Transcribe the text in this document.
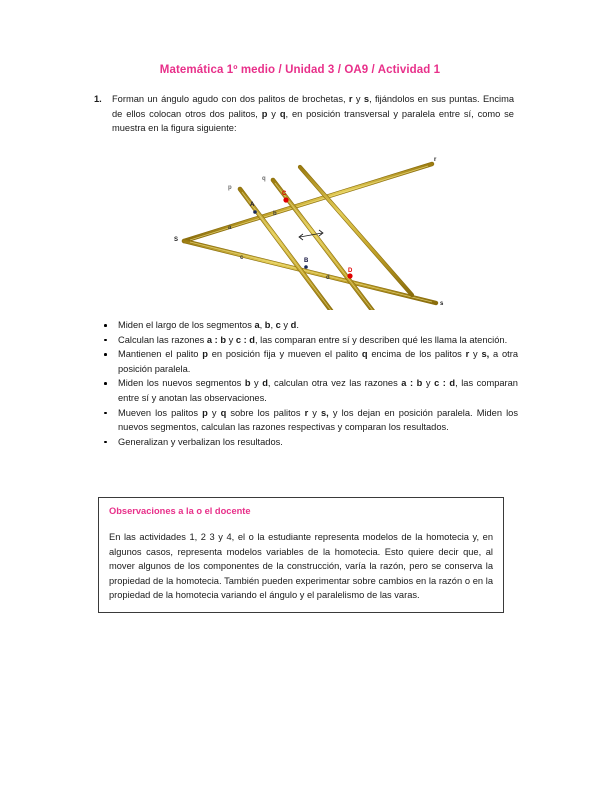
Matemática 1º medio / Unidad 3 / OA9 / Actividad 1
1.	Forman un ángulo agudo con dos palitos de brochetas, r y s, fijándolos en sus puntas. Encima de ellos colocan otros dos palitos, p y q, en posición transversal y paralela entre sí, como se muestra en la figura siguiente:
S
r
s
p
q
A
C
B
D
a
b
c
d
Miden el largo de los segmentos a, b, c y d.
Calculan las razones a : b y c : d, las comparan entre sí y describen qué les llama la atención.
Mantienen el palito p en posición fija y mueven el palito q encima de los palitos r y s, a otra posición paralela.
Miden los nuevos segmentos b y d, calculan otra vez las razones a : b y c : d, las comparan entre sí y anotan las observaciones.
Mueven los palitos p y q sobre los palitos r y s, y los dejan en posición paralela. Miden los nuevos segmentos, calculan las razones respectivas y comparan los resultados.
Generalizan y verbalizan los resultados.
Observaciones a la o el docente
En las actividades 1, 2 3 y 4, el o la estudiante representa modelos de la homotecia y, en algunos casos, representa modelos variables de la homotecia. Esto quiere decir que, al mover algunos de los componentes de la construcción, varía la razón, pero se conserva la propiedad de la homotecia. También pueden experimentar sobre cambios en la razón o en la propiedad de la homotecia variando el ángulo y el paralelismo de las varas.
